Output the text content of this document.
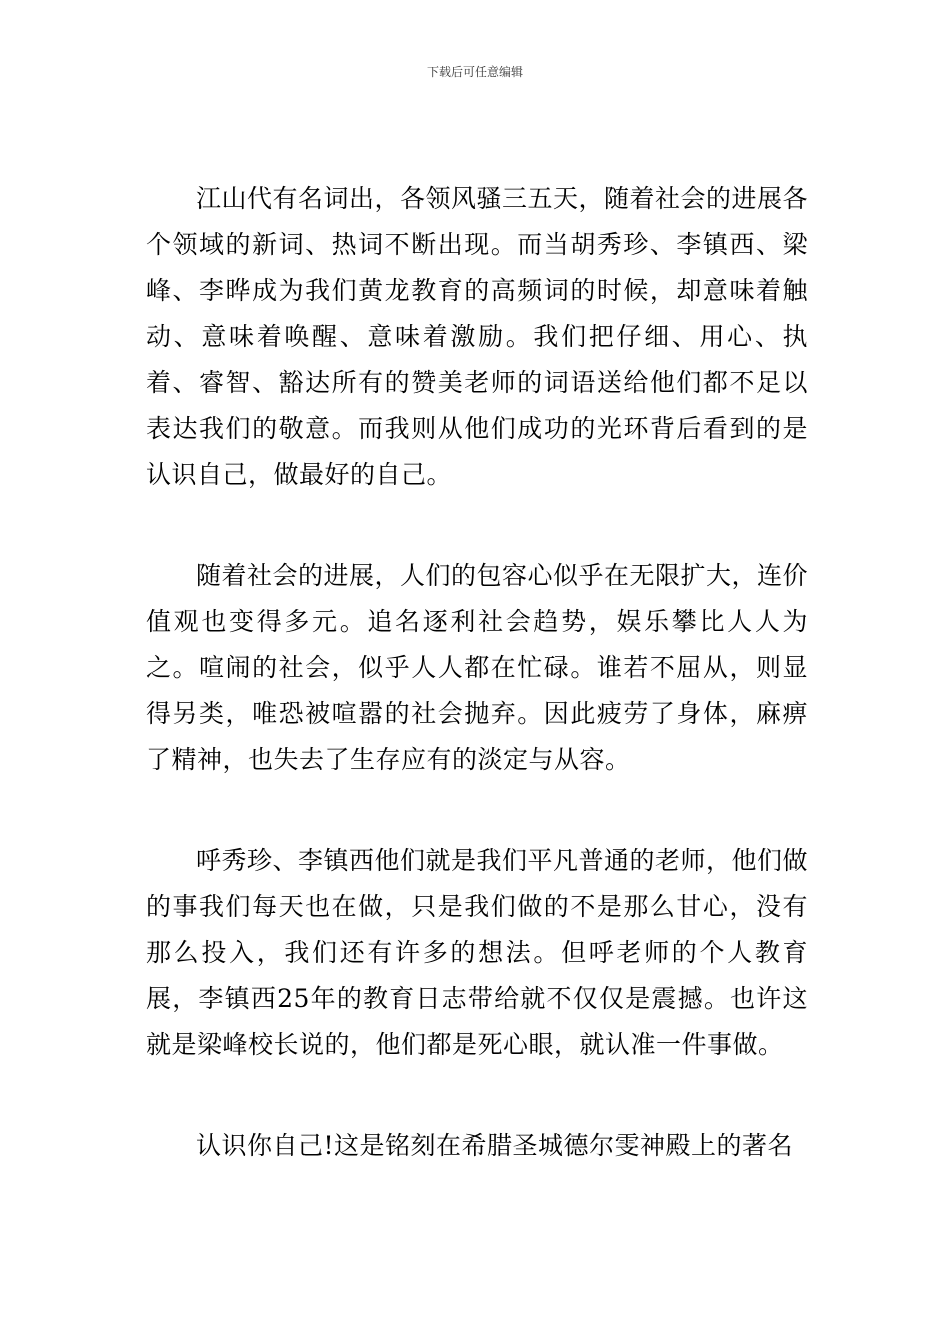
下载后可任意编辑

江山代有名词出，各领风骚三五天，随着社会的进展各个领域的新词、热词不断出现。而当胡秀珍、李镇西、梁峰、李晔成为我们黄龙教育的高频词的时候，却意味着触动、意味着唤醒、意味着激励。我们把仔细、用心、执着、睿智、豁达所有的赞美老师的词语送给他们都不足以表达我们的敬意。而我则从他们成功的光环背后看到的是认识自己，做最好的自己。

随着社会的进展，人们的包容心似乎在无限扩大，连价值观也变得多元。追名逐利社会趋势，娱乐攀比人人为之。喧闹的社会，似乎人人都在忙碌。谁若不屈从，则显得另类，唯恐被喧嚣的社会抛弃。因此疲劳了身体，麻痹了精神，也失去了生存应有的淡定与从容。

呼秀珍、李镇西他们就是我们平凡普通的老师，他们做的事我们每天也在做，只是我们做的不是那么甘心，没有那么投入，我们还有许多的想法。但呼老师的个人教育展，李镇西25年的教育日志带给就不仅仅是震撼。也许这就是梁峰校长说的，他们都是死心眼，就认准一件事做。

认识你自己!这是铭刻在希腊圣城德尔雯神殿上的著名
